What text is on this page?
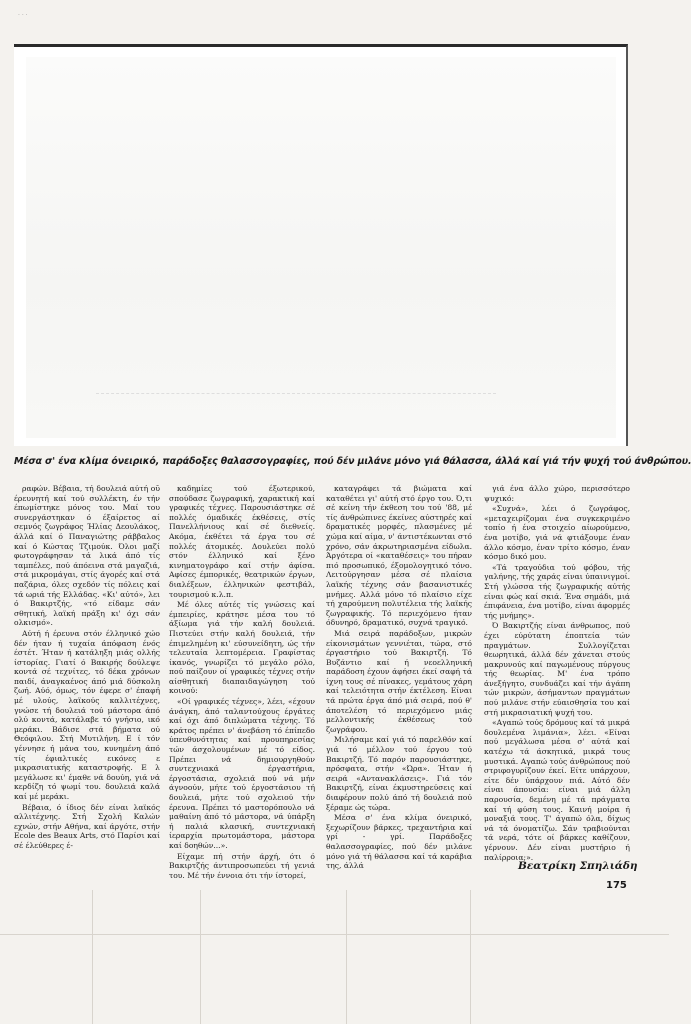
· · ·
Μέσα σ' ένα κλίμα όνειρικό, παράδοξες θαλασσογραφίες, πού δέν μιλάνε μόνο γιά θάλασσα, άλλά καί γιά τήν ψυχή τού άνθρώπου.

ραφών. Βέβαια, τή δουλειά αύτή οῦ έρευνητή καί τού συλλέκτη, έν τήν έπωμίστηκε μόνος του. Μαί του συνεργάστηκαν ό έξαίρετος αί σεμνός ζωγράφος Ήλίας Δεουλάκος, άλλά καί ό Παναγιώτης ράββαλος καί ό Κώστας Τζιμούκ. Όλοι μαζί φωτογράφησαν τά λικά άπό τίς ταμπέλες, πού άπόεινα στά μαγαζιά, στά μικρομάγαι, στίς άγορές καί στά παζάρια, όλες σχεδόν τίς πόλεις καί τά ωριά τής Ελλάδας. «Κι' αύτό», λει ό Βακιρτζής, «τό είδαμε σάν σθητική, λαϊκή πράξη κι' όχι σάν ολκισμό».

Αύτή ή έρευνα στόν έλληνικό χώο δέν ήταν ή τυχαία άπόφαση ένός έστέτ. Ήταν ή κατάληξη μιάς ολλής ίστορίας. Γιατί ό Βακιρής δούλεψε κοντά σέ τεχνίτες, τό δέκα χρόνων παιδί, άναγκαένος άπό μιά δύσκολη ζωή. Αύό, όμως, τόν έφερε σ' έπαφή μέ υλούς, λαϊκούς καλλιτέχνες, γνώσε τή δουλειά τού μάστορα άπό ολύ κοντά, κατάλαβε τό γνήσιο, ικό μεράκι. Βάδισε στά βήματα ού Θεόφιλου. Στή Μυτιλήνη. Ε ί τόν γέννησε ή μάνα του, κυνημένη άπό τίς έφιαλτικές εικόνες ε μικρασιατικής καταστροφής. Ε λ μεγάλωσε κι' έμαθε νά δουύη, γιά νά κερδίζη τό ψωμί του. δουλειά καλά καί μέ μεράκι.

Βέβαια, ό ίδιος δέν είναι λαϊκός αλλιτέχνης. Στή Σχολή Καλών εχνών, στήν Αθήνα, καί άργότε, στήν Ecole des Beaux Arts, στό Παρίσι καί σέ έλεύθερες έ-

καδημίες τού έξωτερικού, σπούδασε ζωγραφική, χαρακτική καί γραφικές τέχνες. Παρουσιάστηκε σέ πολλές όμαδικές έκθέσεις, στίς Πανελλήνιους καί σέ διεθνείς. Ακόμα, έκθέτει τά έργα του σέ πολλές άτομικές. Δουλεύει πολύ στόν έλληνικό καί ξένο κινηματογράφο καί στήν άφίσα. Αφίσες έμπορικές, θεατρικών έργων, διαλέξεων, έλληνικών φεστιβάλ, τουρισμού κ.λ.π.

Μέ όλες αύτές τίς γνώσεις καί έμπειρίες, κράτησε μέσα του τό άξίωμα γιά τήν καλή δουλειά. Πιστεύει στήν καλή δουλειά, τήν έπιμελημένη κι' εύσυνείδητη, ώς τήν τελευταία λεπτομέρεια. Γραφίστας ίκανός, γνωρίζει τό μεγάλο ρόλο, πού παίζουν οί γραφικές τέχνες στήν αίσθητική διαπαιδαγώγηση τού κοινού:

«Οί γραφικές τέχνες», λέει, «έχουν άνάγκη, άπό ταλαντούχους έργάτες καί όχι άπό διπλώματα τέχνης. Τό κράτος πρέπει ν' άνεβάση τό έπίπεδο ύπευθυνότητας καί προυπηρεσίας τών άσχολουμένων μέ τό είδος. Πρέπει νά δημιουργηθούν συντεχνιακά έργαστήρια, έργοστάσια, σχολειά πού νά μήν άγνοούν, μήτε τού έργοστάσιου τή δουλειά, μήτε τού σχολειού τήν έρευνα. Πρέπει τό μαστορόπουλο νά μαθαίνη άπό τό μάστορα, νά ύπάρξη ή παλιά κλασική, συντεχνιακή ίεραρχία πρωτομάστορα, μάστορα καί δοηθών...».

Είχαμε πή στήν άρχή, ότι ό Βακιρτζής άντιπροσωπεύει τή γενιά του. Μέ τήν έννοια ότι τήν ίστορεί,

καταγράφει τά βιώματα καί καταθέτει γι' αύτή στό έργο του. Ό,τι σέ κείνη τήν έκθεση του τού '88, μέ τίς άνθρώπινες έκείνες αύστηρές καί δραματικές μορφές, πλασμένες μέ χώμα καί αίμα, ν' άντιστέκωνται στό χρόνο, σάν άκρωτηριασμένα είδωλα. Άργότερα οί «καταθέσεις» του πήραν πιό προσωπικό, έξομολογητικό τόνο. Λειτούργησαν μέσα σέ πλαίσια λαϊκής τέχνης σάν βασανιστικές μνήμες. Αλλά μόνο τό πλαίσιο είχε τή χαρούμενη πολυτέλεια τής λαϊκής ζωγραφικής. Τό περιεχόμενο ήταν όδυνηρό, δραματικό, συχνά τραγικό.

Μιά σειρά παράδοξων, μικρών είκονισμάτων γεννιέται, τώρα, στό έργαστήριο τού Βακιρτζή. Τό Βυζάντιο καί ή νεοελληνική παράδοση έχουν άφήσει έκεί σαφή τά ίχνη τους σέ πίνακες, γεμάτους χάρη καί τελειότητα στήν έκτέλεση. Είναι τά πρώτα έργα άπό μιά σειρά, πού θ' άποτελέση τό περιεχόμενο μιάς μελλοντικής έκθέσεως τού ζωγράφου.

Μιλήσαμε καί γιά τό παρελθόν καί γιά τό μέλλον τού έργου τού Βακιρτζή. Τό παρόν παρουσιάστηκε, πρόσφατα, στήν «Ώρα». Ήταν ή σειρά «Αντανακλάσεις». Γιά τόν Βακιρτζή, είναι έκμυστηρεύσεις καί διαφέρουν πολύ άπό τή δουλειά πού ξέραμε ώς τώρα.

Μέσα σ' ένα κλίμα όνειρικό, ξεχωρίζουν βάρκες, τρεχαντήρια καί γρί - γρί. Παράδοξες θαλασσογραφίες, πού δέν μιλάνε μόνο γιά τή θάλασσα καί τά καράβια της, άλλά

γιά ένα άλλο χώρο, περισσότερο ψυχικό:

«Συχνά», λέει ό ζωγράφος, «μεταχειρίζομαι ένα συγκεκριμένο τοπίο ή ένα στοιχείο αίωρούμενο, ένα μοτίβο, γιά νά φτιάξουμε έναν άλλο κόσμο, έναν τρίτο κόσμο, έναν κόσμο δικό μου.

«Τά τραγούδια τού φόβου, τής γαλήνης, τής χαράς είναι ύπαινιγμοί. Στή γλώσσα τής ζωγραφικής αύτής είναι φώς καί σκιά. Ένα σημάδι, μιά έπιφάνεια, ένα μοτίβο, είναι άφορμές τής μνήμης».

Ό Βακιρτζής είναι άνθρωπος, πού έχει εύρύτατη έποπτεία τών πραγμάτων. Συλλογίζεται θεωρητικά, άλλά δέν χάνεται στούς μακρυνούς καί παγωμένους πύργους τής θεωρίας. Μ' ένα τρόπο άνεξήγητο, συνδυάζει καί τήν άγάπη τών μικρών, άσήμαντων πραγμάτων πού μιλάνε στήν εύαισθησία του καί στή μικρασιατική ψυχή του.

«Αγαπώ τούς δρόμους καί τά μικρά δουλεμένα λιμάνια», λέει. «Είναι πού μεγάλωσα μέσα σ' αύτά καί κατέχω τά άσκητικά, μικρά τους μυστικά. Αγαπώ τούς άνθρώπους πού στριφογυρίζουν έκεί. Είτε υπάρχουν, είτε δέν ύπάρχουν πιά. Αύτό δέν είναι άπουσία: είναι μιά άλλη παρουσία, δεμένη μέ τά πράγματα καί τή φύση τους. Καινή μοίρα ή μοναξιά τους. Τ' άγαπώ όλα, δίχως νά τά όνοματίζω. Σάν τραβιούνται τά νερά, τότε οί βάρκες καθίζουν, γέρνουν. Δέν είναι μυστήριο ή παλίρροια;».

Βεατρίκη Σπηλιάδη
175
